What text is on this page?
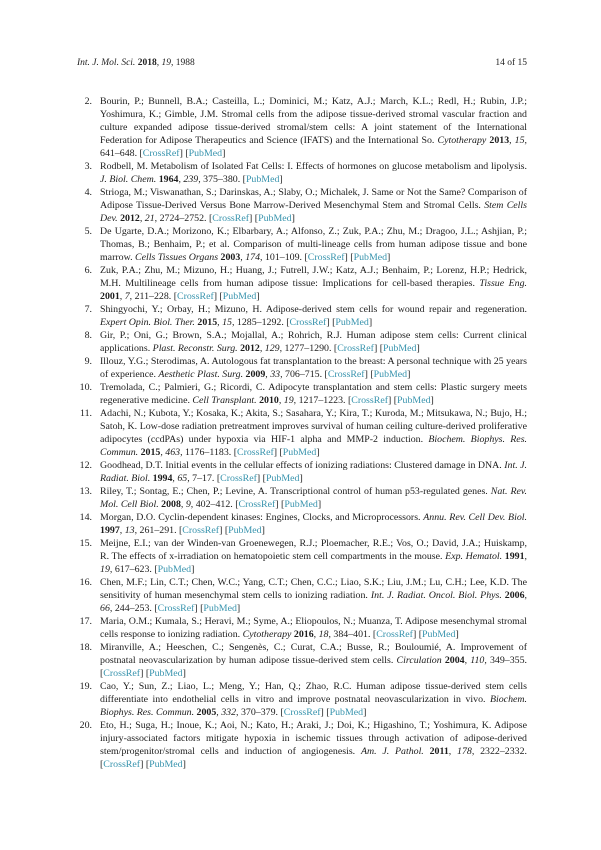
Int. J. Mol. Sci. 2018, 19, 1988	14 of 15
2. Bourin, P.; Bunnell, B.A.; Casteilla, L.; Dominici, M.; Katz, A.J.; March, K.L.; Redl, H.; Rubin, J.P.; Yoshimura, K.; Gimble, J.M. Stromal cells from the adipose tissue-derived stromal vascular fraction and culture expanded adipose tissue-derived stromal/stem cells: A joint statement of the International Federation for Adipose Therapeutics and Science (IFATS) and the International So. Cytotherapy 2013, 15, 641–648. [CrossRef] [PubMed]
3. Rodbell, M. Metabolism of Isolated Fat Cells: I. Effects of hormones on glucose metabolism and lipolysis. J. Biol. Chem. 1964, 239, 375–380. [PubMed]
4. Strioga, M.; Viswanathan, S.; Darinskas, A.; Slaby, O.; Michalek, J. Same or Not the Same? Comparison of Adipose Tissue-Derived Versus Bone Marrow-Derived Mesenchymal Stem and Stromal Cells. Stem Cells Dev. 2012, 21, 2724–2752. [CrossRef] [PubMed]
5. De Ugarte, D.A.; Morizono, K.; Elbarbary, A.; Alfonso, Z.; Zuk, P.A.; Zhu, M.; Dragoo, J.L.; Ashjian, P.; Thomas, B.; Benhaim, P.; et al. Comparison of multi-lineage cells from human adipose tissue and bone marrow. Cells Tissues Organs 2003, 174, 101–109. [CrossRef] [PubMed]
6. Zuk, P.A.; Zhu, M.; Mizuno, H.; Huang, J.; Futrell, J.W.; Katz, A.J.; Benhaim, P.; Lorenz, H.P.; Hedrick, M.H. Multilineage cells from human adipose tissue: Implications for cell-based therapies. Tissue Eng. 2001, 7, 211–228. [CrossRef] [PubMed]
7. Shingyochi, Y.; Orbay, H.; Mizuno, H. Adipose-derived stem cells for wound repair and regeneration. Expert Opin. Biol. Ther. 2015, 15, 1285–1292. [CrossRef] [PubMed]
8. Gir, P.; Oni, G.; Brown, S.A.; Mojallal, A.; Rohrich, R.J. Human adipose stem cells: Current clinical applications. Plast. Reconstr. Surg. 2012, 129, 1277–1290. [CrossRef] [PubMed]
9. Illouz, Y.G.; Sterodimas, A. Autologous fat transplantation to the breast: A personal technique with 25 years of experience. Aesthetic Plast. Surg. 2009, 33, 706–715. [CrossRef] [PubMed]
10. Tremolada, C.; Palmieri, G.; Ricordi, C. Adipocyte transplantation and stem cells: Plastic surgery meets regenerative medicine. Cell Transplant. 2010, 19, 1217–1223. [CrossRef] [PubMed]
11. Adachi, N.; Kubota, Y.; Kosaka, K.; Akita, S.; Sasahara, Y.; Kira, T.; Kuroda, M.; Mitsukawa, N.; Bujo, H.; Satoh, K. Low-dose radiation pretreatment improves survival of human ceiling culture-derived proliferative adipocytes (ccdPAs) under hypoxia via HIF-1 alpha and MMP-2 induction. Biochem. Biophys. Res. Commun. 2015, 463, 1176–1183. [CrossRef] [PubMed]
12. Goodhead, D.T. Initial events in the cellular effects of ionizing radiations: Clustered damage in DNA. Int. J. Radiat. Biol. 1994, 65, 7–17. [CrossRef] [PubMed]
13. Riley, T.; Sontag, E.; Chen, P.; Levine, A. Transcriptional control of human p53-regulated genes. Nat. Rev. Mol. Cell Biol. 2008, 9, 402–412. [CrossRef] [PubMed]
14. Morgan, D.O. Cyclin-dependent kinases: Engines, Clocks, and Microprocessors. Annu. Rev. Cell Dev. Biol. 1997, 13, 261–291. [CrossRef] [PubMed]
15. Meijne, E.I.; van der Winden-van Groenewegen, R.J.; Ploemacher, R.E.; Vos, O.; David, J.A.; Huiskamp, R. The effects of x-irradiation on hematopoietic stem cell compartments in the mouse. Exp. Hematol. 1991, 19, 617–623. [PubMed]
16. Chen, M.F.; Lin, C.T.; Chen, W.C.; Yang, C.T.; Chen, C.C.; Liao, S.K.; Liu, J.M.; Lu, C.H.; Lee, K.D. The sensitivity of human mesenchymal stem cells to ionizing radiation. Int. J. Radiat. Oncol. Biol. Phys. 2006, 66, 244–253. [CrossRef] [PubMed]
17. Maria, O.M.; Kumala, S.; Heravi, M.; Syme, A.; Eliopoulos, N.; Muanza, T. Adipose mesenchymal stromal cells response to ionizing radiation. Cytotherapy 2016, 18, 384–401. [CrossRef] [PubMed]
18. Miranville, A.; Heeschen, C.; Sengenès, C.; Curat, C.A.; Busse, R.; Bouloumié, A. Improvement of postnatal neovascularization by human adipose tissue-derived stem cells. Circulation 2004, 110, 349–355. [CrossRef] [PubMed]
19. Cao, Y.; Sun, Z.; Liao, L.; Meng, Y.; Han, Q.; Zhao, R.C. Human adipose tissue-derived stem cells differentiate into endothelial cells in vitro and improve postnatal neovascularization in vivo. Biochem. Biophys. Res. Commun. 2005, 332, 370–379. [CrossRef] [PubMed]
20. Eto, H.; Suga, H.; Inoue, K.; Aoi, N.; Kato, H.; Araki, J.; Doi, K.; Higashino, T.; Yoshimura, K. Adipose injury-associated factors mitigate hypoxia in ischemic tissues through activation of adipose-derived stem/progenitor/stromal cells and induction of angiogenesis. Am. J. Pathol. 2011, 178, 2322–2332. [CrossRef] [PubMed]
